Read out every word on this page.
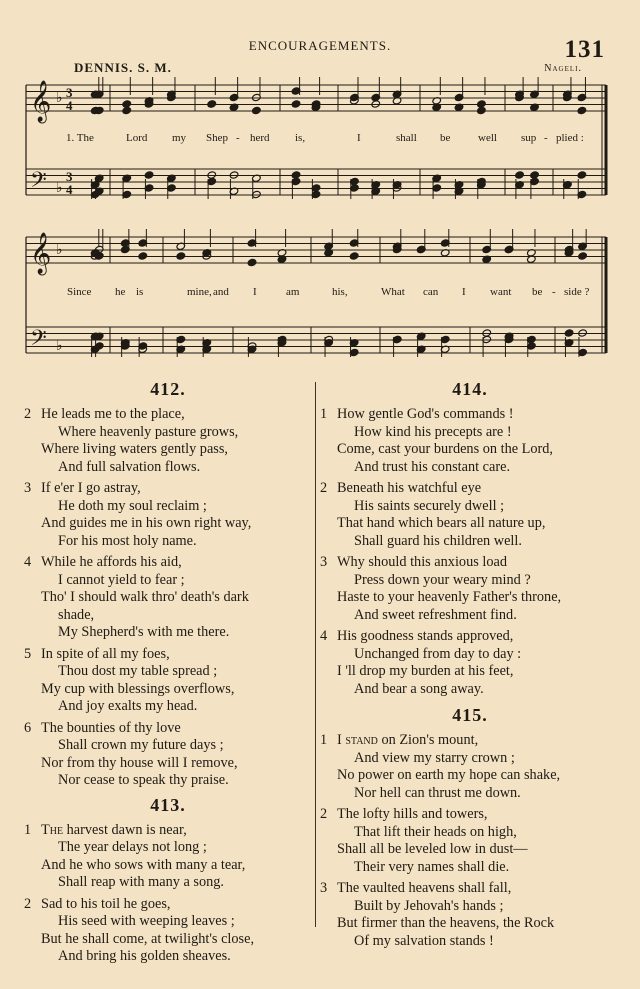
ENCOURAGEMENTS.	131
DENNIS. S. M.	Nageli.
𝄞
𝄢
♭
♭
3
4
3
4
𝄞
𝄢
♭
♭
1. The	Lord my Shep - herd is,	I	shall be	well sup - plied :
Since he is	mine, and I	am	his,	What can I want be - side ?
412.
2 He leads me to the place,
Where heavenly pasture grows,
Where living waters gently pass,
And full salvation flows.
3 If e'er I go astray,
He doth my soul reclaim ;
And guides me in his own right way,
For his most holy name.
4 While he affords his aid,
I cannot yield to fear ;
Tho' I should walk thro' death's dark
shade,
My Shepherd's with me there.
5 In spite of all my foes,
Thou dost my table spread ;
My cup with blessings overflows,
And joy exalts my head.
6 The bounties of thy love
Shall crown my future days ;
Nor from thy house will I remove,
Nor cease to speak thy praise.
413.
1 The harvest dawn is near,
The year delays not long ;
And he who sows with many a tear,
Shall reap with many a song.
2 Sad to his toil he goes,
His seed with weeping leaves ;
But he shall come, at twilight's close,
And bring his golden sheaves.
414.
1 How gentle God's commands !
How kind his precepts are !
Come, cast your burdens on the Lord,
And trust his constant care.
2 Beneath his watchful eye
His saints securely dwell ;
That hand which bears all nature up,
Shall guard his children well.
3 Why should this anxious load
Press down your weary mind ?
Haste to your heavenly Father's throne,
And sweet refreshment find.
4 His goodness stands approved,
Unchanged from day to day :
I 'll drop my burden at his feet,
And bear a song away.
415.
1 I stand on Zion's mount,
And view my starry crown ;
No power on earth my hope can shake,
Nor hell can thrust me down.
2 The lofty hills and towers,
That lift their heads on high,
Shall all be leveled low in dust—
Their very names shall die.
3 The vaulted heavens shall fall,
Built by Jehovah's hands ;
But firmer than the heavens, the Rock
Of my salvation stands !
